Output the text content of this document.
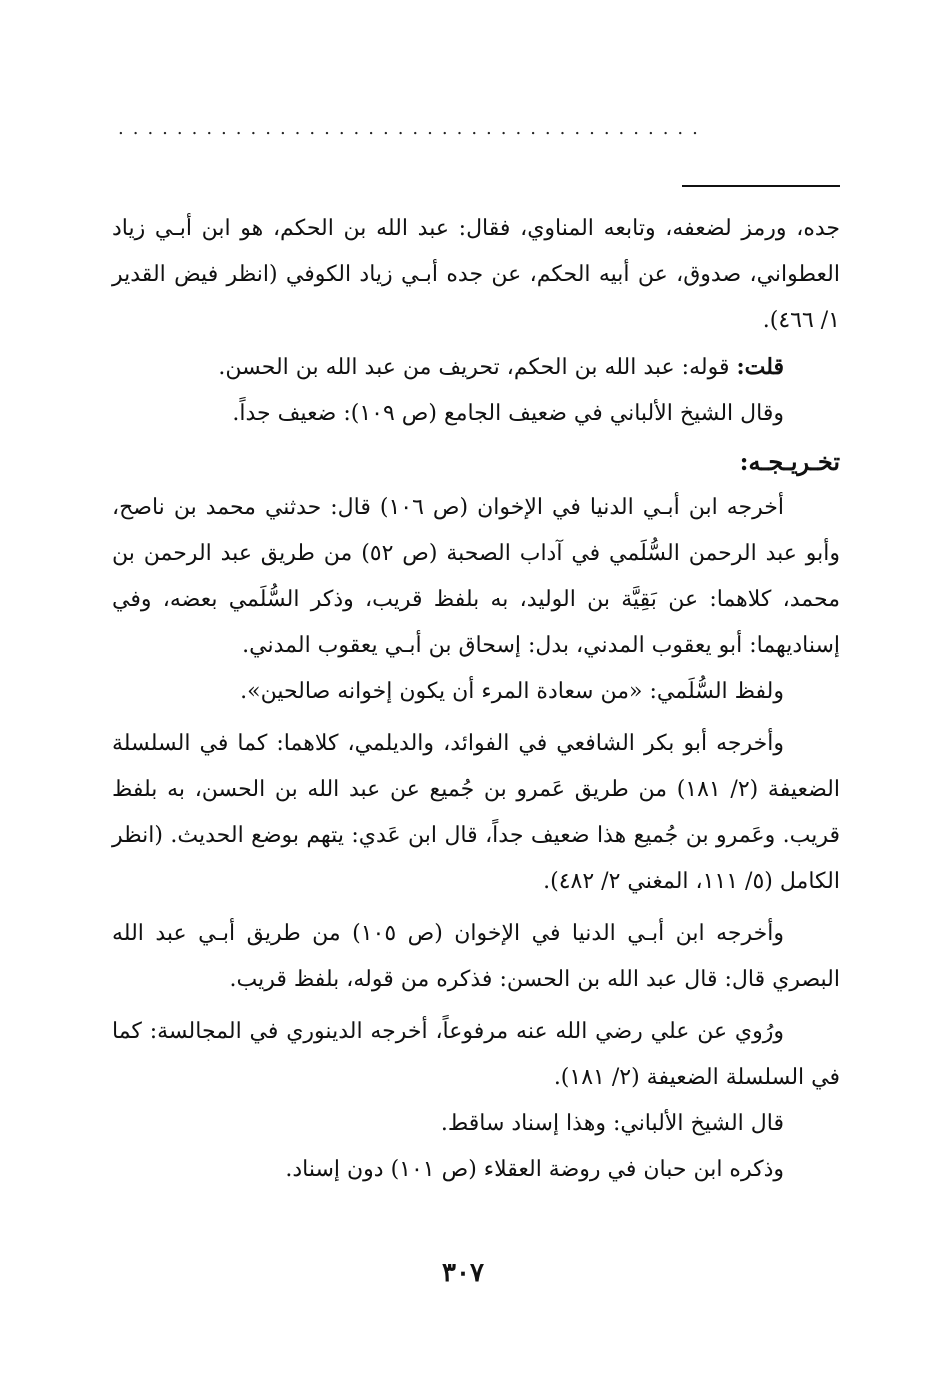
........................................

جده، ورمز لضعفه، وتابعه المناوي، فقال: عبد الله بن الحكم، هو ابن أبـي زياد العطواني، صدوق، عن أبيه الحكم، عن جده أبـي زياد الكوفي (انظر فيض القدير ١/ ٤٦٦).

قلت: قوله: عبد الله بن الحكم، تحريف من عبد الله بن الحسن.

وقال الشيخ الألباني في ضعيف الجامع (ص ١٠٩): ضعيف جداً.

تخـريـجـه:

أخرجه ابن أبـي الدنيا في الإخوان (ص ١٠٦) قال: حدثني محمد بن ناصح، وأبو عبد الرحمن السُّلَمي في آداب الصحبة (ص ٥٢) من طريق عبد الرحمن بن محمد، كلاهما: عن بَقِيَّة بن الوليد، به بلفظ قريب، وذكر السُّلَمي بعضه، وفي إسناديهما: أبو يعقوب المدني، بدل: إسحاق بن أبـي يعقوب المدني.

ولفظ السُّلَمي: «من سعادة المرء أن يكون إخوانه صالحين».

وأخرجه أبو بكر الشافعي في الفوائد، والديلمي، كلاهما: كما في السلسلة الضعيفة (٢/ ١٨١) من طريق عَمرو بن جُميع عن عبد الله بن الحسن، به بلفظ قريب. وعَمرو بن جُميع هذا ضعيف جداً، قال ابن عَدي: يتهم بوضع الحديث. (انظر الكامل (٥/ ١١١، المغني ٢/ ٤٨٢).

وأخرجه ابن أبـي الدنيا في الإخوان (ص ١٠٥) من طريق أبـي عبد الله البصري قال: قال عبد الله بن الحسن: فذكره من قوله، بلفظ قريب.

ورُوي عن علي رضي الله عنه مرفوعاً، أخرجه الدينوري في المجالسة: كما في السلسلة الضعيفة (٢/ ١٨١).

قال الشيخ الألباني: وهذا إسناد ساقط.

وذكره ابن حبان في روضة العقلاء (ص ١٠١) دون إسناد.

٣٠٧
